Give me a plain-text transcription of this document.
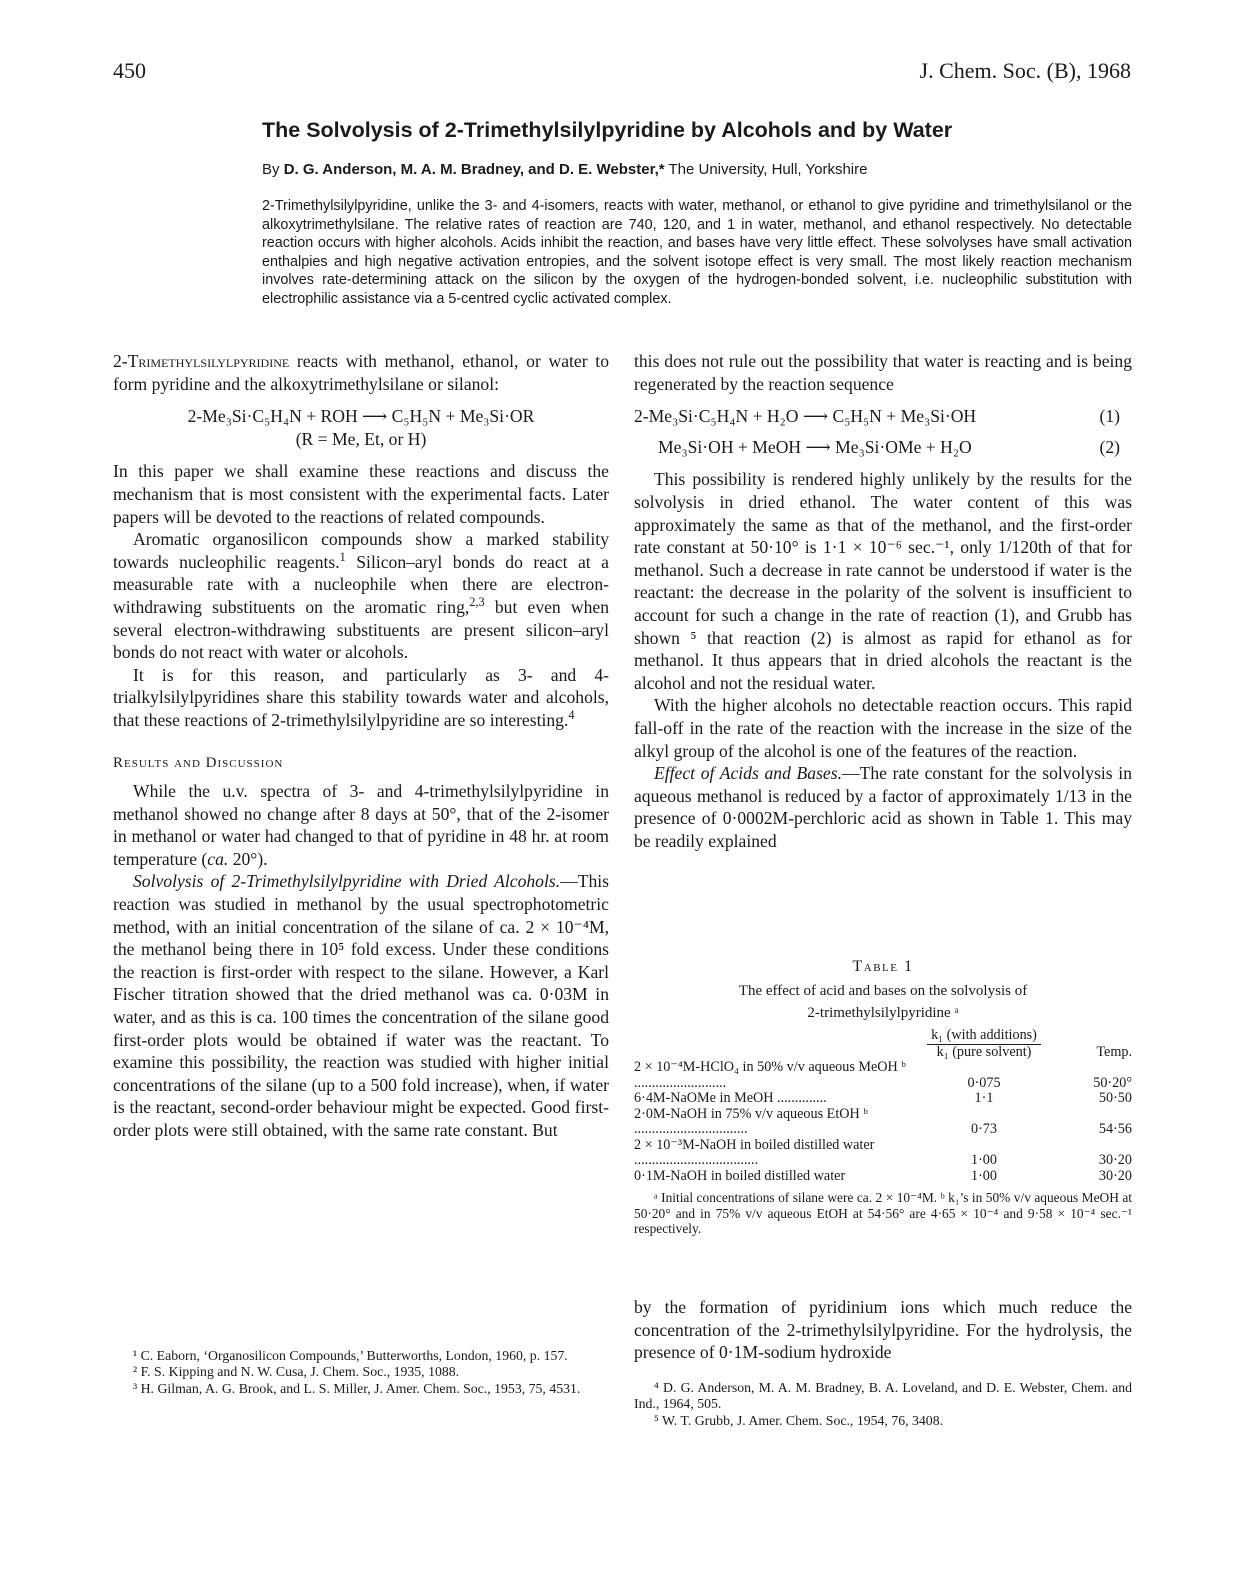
450	J. Chem. Soc. (B), 1968
The Solvolysis of 2-Trimethylsilylpyridine by Alcohols and by Water
By D. G. Anderson, M. A. M. Bradney, and D. E. Webster,* The University, Hull, Yorkshire
2-Trimethylsilylpyridine, unlike the 3- and 4-isomers, reacts with water, methanol, or ethanol to give pyridine and trimethylsilanol or the alkoxytrimethylsilane. The relative rates of reaction are 740, 120, and 1 in water, methanol, and ethanol respectively. No detectable reaction occurs with higher alcohols. Acids inhibit the reaction, and bases have very little effect. These solvolyses have small activation enthalpies and high negative activation entropies, and the solvent isotope effect is very small. The most likely reaction mechanism involves rate-determining attack on the silicon by the oxygen of the hydrogen-bonded solvent, i.e. nucleophilic substitution with electrophilic assistance via a 5-centred cyclic activated complex.

2-Trimethylsilylpyridine reacts with methanol, ethanol, or water to form pyridine and the alkoxytrimethylsilane or silanol:

2-Me₃Si·C₅H₄N + ROH ⟶ C₅H₅N + Me₃Si·OR
(R = Me, Et, or H)

In this paper we shall examine these reactions and discuss the mechanism that is most consistent with the experimental facts. Later papers will be devoted to the reactions of related compounds.

Aromatic organosilicon compounds show a marked stability towards nucleophilic reagents.$^1$ Silicon–aryl bonds do react at a measurable rate with a nucleophile when there are electron-withdrawing substituents on the aromatic ring,$^{2,3}$ but even when several electron-withdrawing substituents are present silicon–aryl bonds do not react with water or alcohols.

It is for this reason, and particularly as 3- and 4-trialkylsilylpyridines share this stability towards water and alcohols, that these reactions of 2-trimethylsilylpyridine are so interesting.$^4$

Results and Discussion

While the u.v. spectra of 3- and 4-trimethylsilylpyridine in methanol showed no change after 8 days at 50°, that of the 2-isomer in methanol or water had changed to that of pyridine in 48 hr. at room temperature (ca. 20°).

Solvolysis of 2-Trimethylsilylpyridine with Dried Alcohols.—This reaction was studied in methanol by the usual spectrophotometric method, with an initial concentration of the silane of ca. 2 × 10⁻⁴M, the methanol being there in 10⁵ fold excess. Under these conditions the reaction is first-order with respect to the silane. However, a Karl Fischer titration showed that the dried methanol was ca. 0·03M in water, and as this is ca. 100 times the concentration of the silane good first-order plots would be obtained if water was the reactant. To examine this possibility, the reaction was studied with higher initial concentrations of the silane (up to a 500 fold increase), when, if water is the reactant, second-order behaviour might be expected. Good first-order plots were still obtained, with the same rate constant. But

¹ C. Eaborn, ‘Organosilicon Compounds,’ Butterworths, London, 1960, p. 157.

² F. S. Kipping and N. W. Cusa, J. Chem. Soc., 1935, 1088.

³ H. Gilman, A. G. Brook, and L. S. Miller, J. Amer. Chem. Soc., 1953, 75, 4531.

this does not rule out the possibility that water is reacting and is being regenerated by the reaction sequence

2-Me₃Si·C₅H₄N + H₂O ⟶ C₅H₅N + Me₃Si·OH	(1)
Me₃Si·OH + MeOH ⟶ Me₃Si·OMe + H₂O	(2)

This possibility is rendered highly unlikely by the results for the solvolysis in dried ethanol. The water content of this was approximately the same as that of the methanol, and the first-order rate constant at 50·10° is 1·1 × 10⁻⁶ sec.⁻¹, only 1/120th of that for methanol. Such a decrease in rate cannot be understood if water is the reactant: the decrease in the polarity of the solvent is insufficient to account for such a change in the rate of reaction (1), and Grubb has shown ⁵ that reaction (2) is almost as rapid for ethanol as for methanol. It thus appears that in dried alcohols the reactant is the alcohol and not the residual water.

With the higher alcohols no detectable reaction occurs. This rapid fall-off in the rate of the reaction with the increase in the size of the alkyl group of the alcohol is one of the features of the reaction.

Effect of Acids and Bases.—The rate constant for the solvolysis in aqueous methanol is reduced by a factor of approximately 1/13 in the presence of 0·0002M-perchloric acid as shown in Table 1. This may be readily explained

Table 1
The effect of acid and bases on the solvolysis of
2-trimethylsilylpyridine ᵃ
	k₁ (with additions)
k₁ (pure solvent)	Temp.
2 × 10⁻⁴M-HClO₄ in 50% v/v aqueous MeOH ᵇ ..........................	0·075	50·20°
6·4M-NaOMe in MeOH ..............	1·1	50·50
2·0M-NaOH in 75% v/v aqueous EtOH ᵇ ................................	0·73	54·56
2 × 10⁻³M-NaOH in boiled distilled water ...................................	1·00	30·20
0·1M-NaOH in boiled distilled water	1·00	30·20
ᵃ Initial concentrations of silane were ca. 2 × 10⁻⁴M. ᵇ k₁’s in 50% v/v aqueous MeOH at 50·20° and in 75% v/v aqueous EtOH at 54·56° are 4·65 × 10⁻⁴ and 9·58 × 10⁻⁴ sec.⁻¹ respectively.

by the formation of pyridinium ions which much reduce the concentration of the 2-trimethylsilylpyridine. For the hydrolysis, the presence of 0·1M-sodium hydroxide

⁴ D. G. Anderson, M. A. M. Bradney, B. A. Loveland, and D. E. Webster, Chem. and Ind., 1964, 505.

⁵ W. T. Grubb, J. Amer. Chem. Soc., 1954, 76, 3408.
